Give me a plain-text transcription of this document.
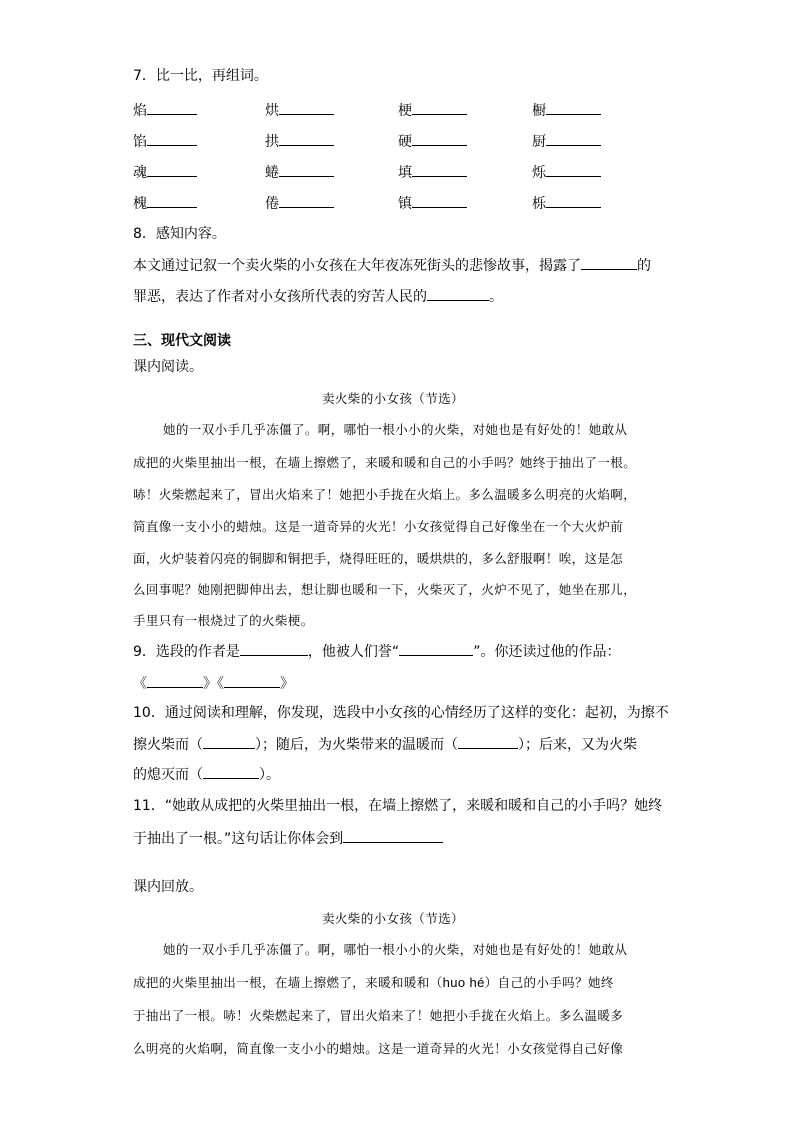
7．比一比，再组词。
焰	烘	梗	橱
馅	拱	硬	厨
魂	蜷	填	烁
槐	倦	镇	栎
8．感知内容。
本文通过记叙一个卖火柴的小女孩在大年夜冻死街头的悲惨故事，揭露了	的
罪恶，表达了作者对小女孩所代表的穷苦人民的	。
三、现代文阅读
课内阅读。
卖火柴的小女孩（节选）
她的一双小手几乎冻僵了。啊，哪怕一根小小的火柴，对她也是有好处的！她敢从
成把的火柴里抽出一根，在墙上擦燃了，来暖和暖和自己的小手吗？她终于抽出了一根。
哧！火柴燃起来了，冒出火焰来了！她把小手拢在火焰上。多么温暖多么明亮的火焰啊，
简直像一支小小的蜡烛。这是一道奇异的火光！小女孩觉得自己好像坐在一个大火炉前
面，火炉装着闪亮的铜脚和铜把手，烧得旺旺的，暖烘烘的，多么舒服啊！唉，这是怎
么回事呢？她刚把脚伸出去，想让脚也暖和一下，火柴灭了，火炉不见了，她坐在那儿，
手里只有一根烧过了的火柴梗。
9．选段的作者是	，他被人们誉“	”。你还读过他的作品：
《	》《	》
10．通过阅读和理解，你发现，选段中小女孩的心情经历了这样的变化：起初，为擦不
擦火柴而（	）；随后，为火柴带来的温暖而（	）；后来，又为火柴
的熄灭而（	）。
11．“她敢从成把的火柴里抽出一根，在墙上擦燃了，来暖和暖和自己的小手吗？她终
于抽出了一根。”这句话让你体会到
课内回放。
卖火柴的小女孩（节选）
她的一双小手几乎冻僵了。啊，哪怕一根小小的火柴，对她也是有好处的！她敢从
成把的火柴里抽出一根，在墙上擦燃了，来暖和暖和（huo hé）自己的小手吗？她终
于抽出了一根。哧！火柴燃起来了，冒出火焰来了！她把小手拢在火焰上。多么温暖多
么明亮的火焰啊，简直像一支小小的蜡烛。这是一道奇异的火光！小女孩觉得自己好像
